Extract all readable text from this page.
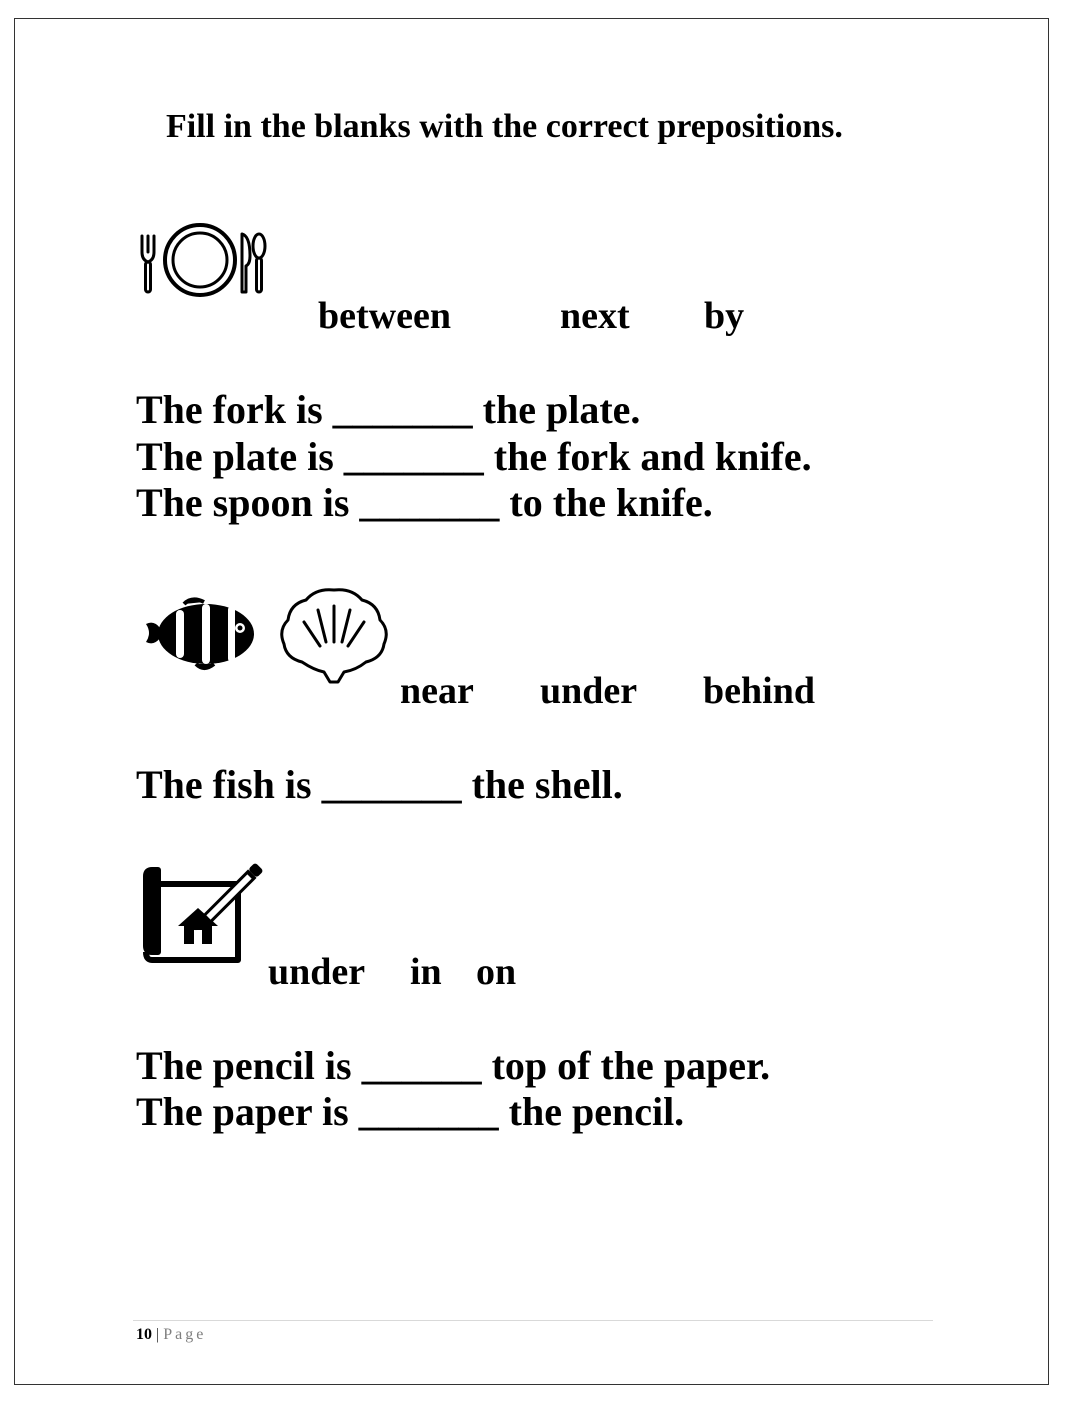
Fill in the blanks with the correct prepositions.
between	next by
The fork is _______ the plate.
The plate is _______ the fork and knife.
The spoon is _______ to the knife.
near under behind
The fish is _______ the shell.
under in on
The pencil is ______ top of the paper.
The paper is _______ the pencil.
10 | Page
